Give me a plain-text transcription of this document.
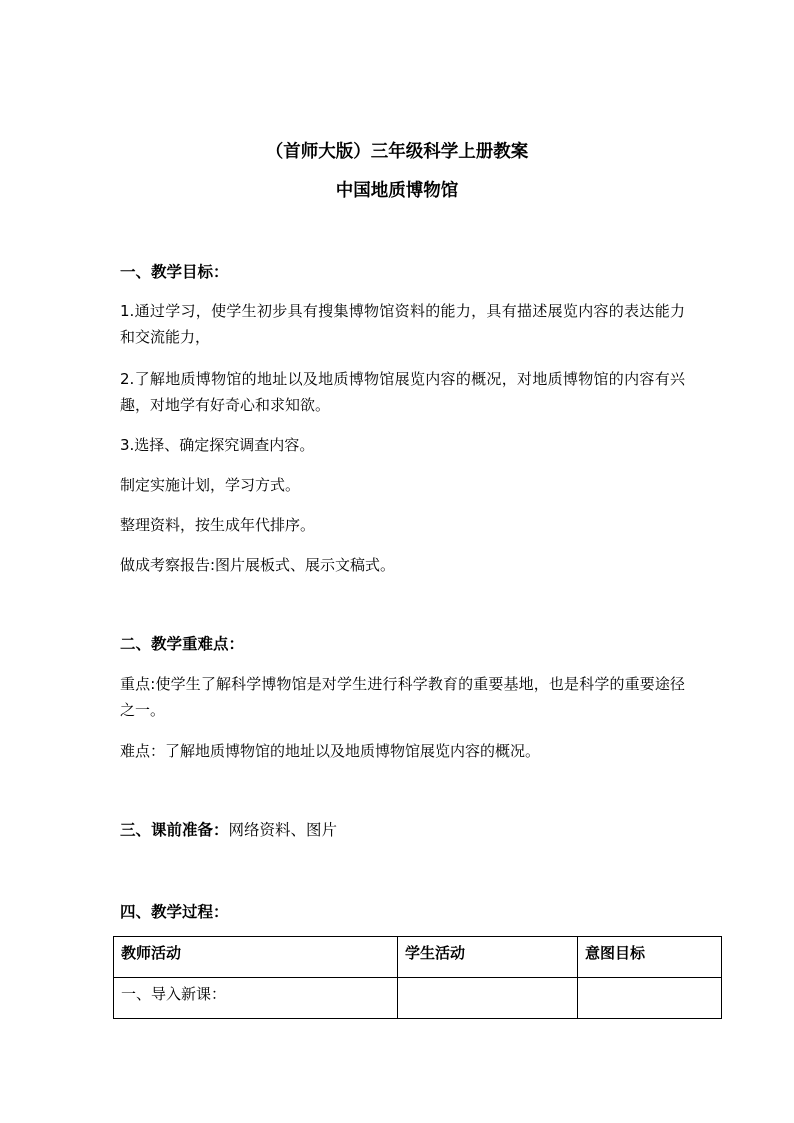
（首师大版）三年级科学上册教案
中国地质博物馆
一、教学目标：
1.通过学习，使学生初步具有搜集博物馆资料的能力，具有描述展览内容的表达能力和交流能力，
2.了解地质博物馆的地址以及地质博物馆展览内容的概况，对地质博物馆的内容有兴趣，对地学有好奇心和求知欲。
3.选择、确定探究调查内容。
制定实施计划，学习方式。
整理资料，按生成年代排序。
做成考察报告:图片展板式、展示文稿式。
二、教学重难点：
重点:使学生了解科学博物馆是对学生进行科学教育的重要基地，也是科学的重要途径之一。
难点：了解地质博物馆的地址以及地质博物馆展览内容的概况。
三、课前准备：网络资料、图片
四、教学过程：
教师活动	学生活动	意图目标
一、导入新课：		
